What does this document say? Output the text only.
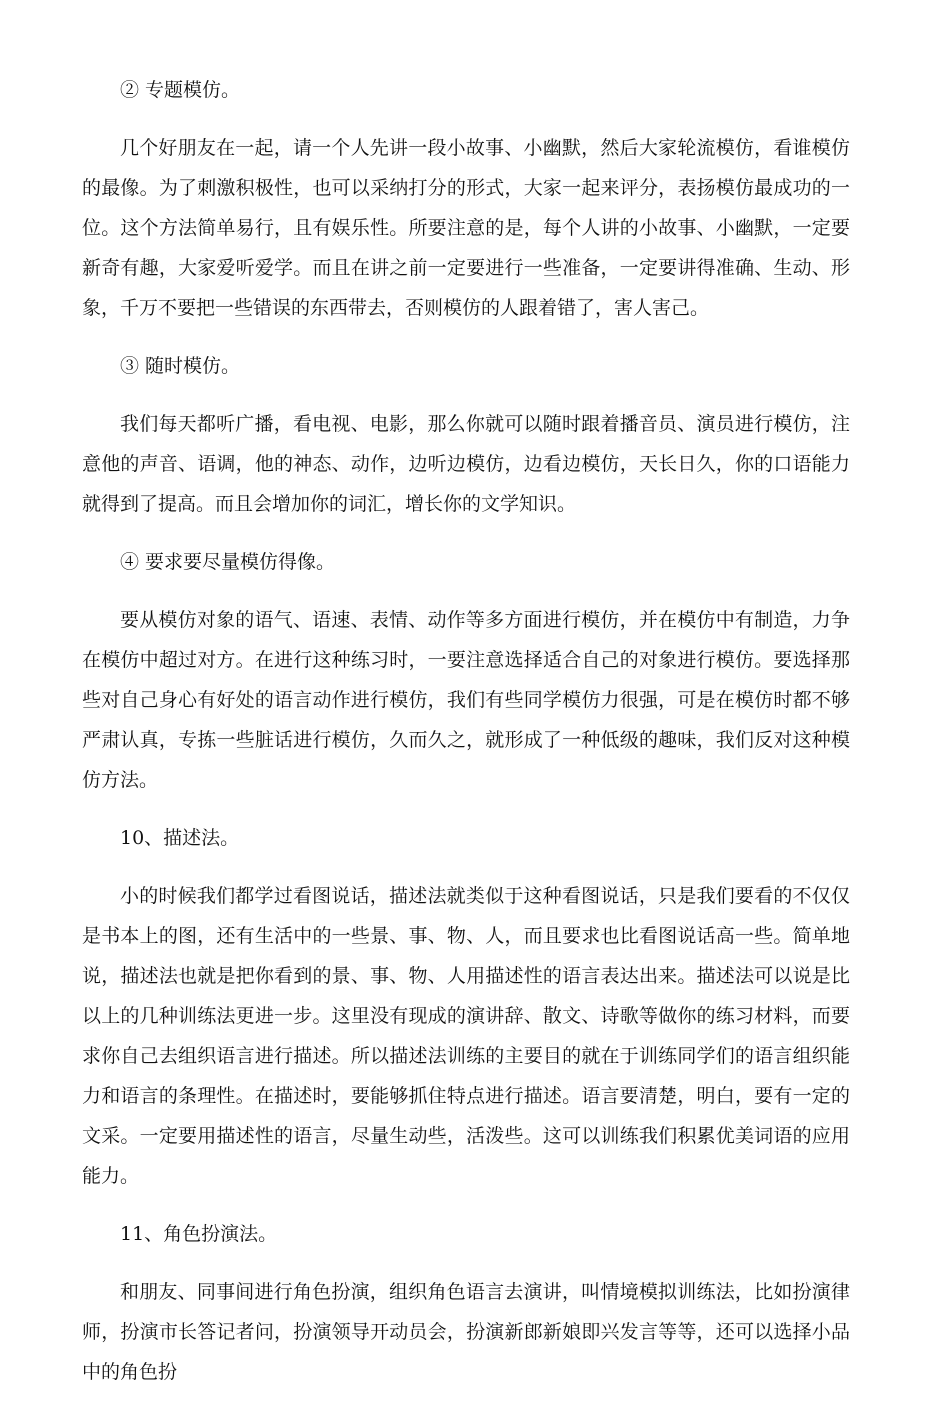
② 专题模仿。

几个好朋友在一起，请一个人先讲一段小故事、小幽默，然后大家轮流模仿，看谁模仿的最像。为了刺激积极性，也可以采纳打分的形式，大家一起来评分，表扬模仿最成功的一位。这个方法简单易行，且有娱乐性。所要注意的是，每个人讲的小故事、小幽默，一定要新奇有趣，大家爱听爱学。而且在讲之前一定要进行一些准备，一定要讲得准确、生动、形象，千万不要把一些错误的东西带去，否则模仿的人跟着错了，害人害己。

③ 随时模仿。

我们每天都听广播，看电视、电影，那么你就可以随时跟着播音员、演员进行模仿，注意他的声音、语调，他的神态、动作，边听边模仿，边看边模仿，天长日久，你的口语能力就得到了提高。而且会增加你的词汇，增长你的文学知识。

④ 要求要尽量模仿得像。

要从模仿对象的语气、语速、表情、动作等多方面进行模仿，并在模仿中有制造，力争在模仿中超过对方。在进行这种练习时，一要注意选择适合自己的对象进行模仿。要选择那些对自己身心有好处的语言动作进行模仿，我们有些同学模仿力很强，可是在模仿时都不够严肃认真，专拣一些脏话进行模仿，久而久之，就形成了一种低级的趣味，我们反对这种模仿方法。

10、描述法。

小的时候我们都学过看图说话，描述法就类似于这种看图说话，只是我们要看的不仅仅是书本上的图，还有生活中的一些景、事、物、人，而且要求也比看图说话高一些。简单地说，描述法也就是把你看到的景、事、物、人用描述性的语言表达出来。描述法可以说是比以上的几种训练法更进一步。这里没有现成的演讲辞、散文、诗歌等做你的练习材料，而要求你自己去组织语言进行描述。所以描述法训练的主要目的就在于训练同学们的语言组织能力和语言的条理性。在描述时，要能够抓住特点进行描述。语言要清楚，明白，要有一定的文采。一定要用描述性的语言，尽量生动些，活泼些。这可以训练我们积累优美词语的应用能力。

11、角色扮演法。

和朋友、同事间进行角色扮演，组织角色语言去演讲，叫情境模拟训练法，比如扮演律师，扮演市长答记者问，扮演领导开动员会，扮演新郎新娘即兴发言等等，还可以选择小品中的角色扮
